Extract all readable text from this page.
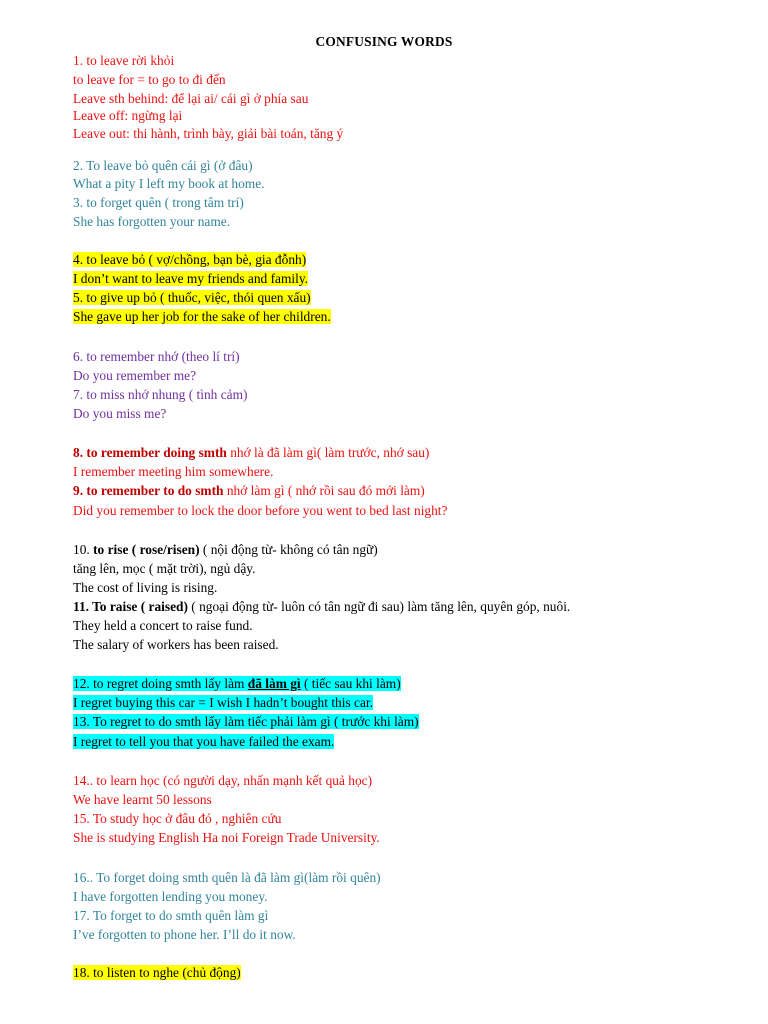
CONFUSING WORDS
1. to leave rời khỏi
to leave for = to go to đi đến
Leave sth behind: để lại ai/ cái gì ở phía sau
Leave off: ngừng lại
Leave out: thi hành, trình bày, giải bài toán, tăng ý
2. To leave bỏ quên cái gì (ở đâu)
What a pity I left my book at home.
3. to forget quên ( trong tâm trí)
She has forgotten your name.
4. to leave bỏ ( vợ/chồng, bạn bè, gia đỗnh)
I don’t want to leave my friends and family.
5. to give up bỏ ( thuốc, việc, thói quen xấu)
She gave up her job for the sake of her children.
6. to remember nhớ (theo lí trí)
Do you remember me?
7. to miss nhớ nhung ( tình cảm)
Do you miss me?
8. to remember doing smth nhớ là đã làm gì( làm trước, nhớ sau)
I remember meeting him somewhere.
9. to remember to do smth nhớ làm gì ( nhớ rồi sau đó mới làm)
Did you remember to lock the door before you went to bed last night?
10. to rise ( rose/risen) ( nội động từ- không có tân ngữ)
tăng lên, mọc ( mặt trời), ngủ dậy.
The cost of living is rising.
11. To raise ( raised) ( ngoại động từ- luôn có tân ngữ đi sau) làm tăng lên, quyên góp, nuôi.
They held a concert to raise fund.
The salary of workers has been raised.
12. to regret doing smth lấy làm đã làm gì ( tiếc sau khi làm)
I regret buying this car = I wish I hadn’t bought this car.
13. To regret to do smth lấy làm tiếc phải làm gì ( trước khi làm)
I regret to tell you that you have failed the exam.
14.. to learn học (có người dạy, nhấn mạnh kết quả học)
We have learnt 50 lessons
15. To study học ở đâu đó , nghiên cứu
She is studying English Ha noi Foreign Trade University.
16.. To forget doing smth quên là đã làm gì(làm rồi quên)
I have forgotten lending you money.
17. To forget to do smth quên làm gì
I’ve forgotten to phone her. I’ll do it now.
18. to listen to nghe (chủ động)
